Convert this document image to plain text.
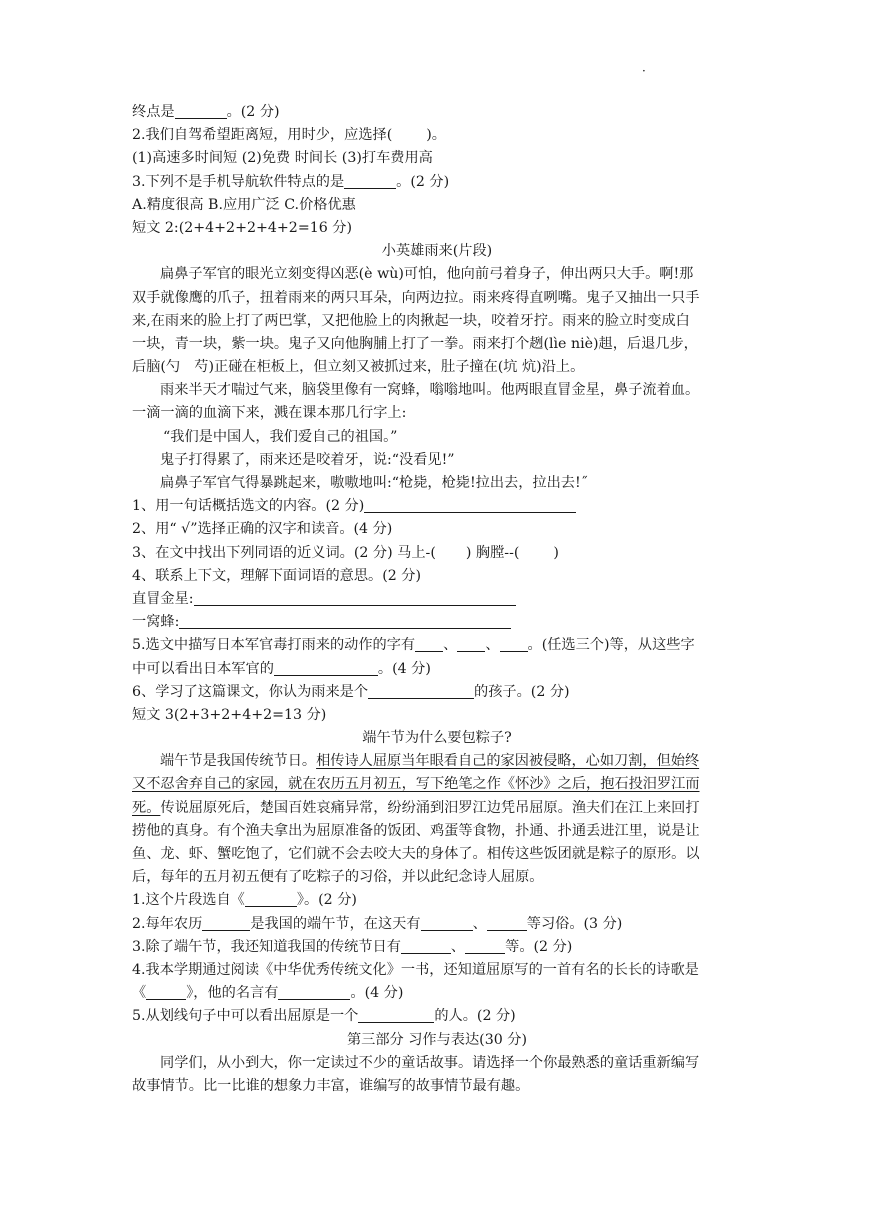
·
终点是	。(2 分)
2.我们自驾希望距离短，用时少，应选择( )。
(1)高速多时间短 (2)免费 时间长 (3)打车费用高
3.下列不是手机导航软件特点的是	。(2 分)
A.精度很高 B.应用广泛 C.价格优惠
短文 2:(2+4+2+2+4+2=16 分)
小英雄雨来(片段)
扁鼻子军官的眼光立刻变得凶恶(è wù)可怕，他向前弓着身子，伸出两只大手。啊!那
双手就像鹰的爪子，扭着雨来的两只耳朵，向两边拉。雨来疼得直咧嘴。鬼子又抽出一只手
来,在雨来的脸上打了两巴掌，又把他脸上的肉揪起一块，咬着牙拧。雨来的脸立时变成白
一块，青一块，紫一块。鬼子又向他胸脯上打了一拳。雨来打个趔(lìe niè)趄，后退几步，
后脑(勺　芍)正碰在柜板上，但立刻又被抓过来，肚子撞在(坑 炕)沿上。
雨来半天才喘过气来，脑袋里像有一窝蜂，嗡嗡地叫。他两眼直冒金星，鼻子流着血。
一滴一滴的血滴下来，溅在课本那几行字上:
“我们是中国人，我们爱自己的祖国。”
鬼子打得累了，雨来还是咬着牙，说:“没看见!”
扁鼻子军官气得暴跳起来，嗷嗷地叫:“枪毙，枪毙!拉出去，拉出去!˝
1、用一句话概括选文的内容。(2 分)
2、用“ √”选择正确的汉字和读音。(4 分)
3、在文中找出下列同语的近义词。(2 分) 马上-( ) 胸膛--( )
4、联系上下文，理解下面词语的意思。(2 分)
直冒金星:
一窝蜂:
5.选文中描写日本军官毒打雨来的动作的字有 、 、 。(任选三个)等，从这些字
中可以看出日本军官的	。(4 分)
6、学习了这篇课文，你认为雨来是个	的孩子。(2 分)
短文 3(2+3+2+4+2=13 分)
端午节为什么要包粽子?
端午节是我国传统节日。相传诗人屈原当年眼看自己的家因被侵略，心如刀割，但始终
又不忍舍弃自己的家园，就在农历五月初五，写下绝笔之作《怀沙》之后，抱石投汨罗江而
死。传说屈原死后，楚国百姓哀痛异常，纷纷涌到汨罗江边凭吊屈原。渔夫们在江上来回打
捞他的真身。有个渔夫拿出为屈原准备的饭团、鸡蛋等食物，扑通、扑通丢进江里，说是让
鱼、龙、虾、蟹吃饱了，它们就不会去咬大夫的身体了。相传这些饭团就是粽子的原形。以
后，每年的五月初五便有了吃粽子的习俗，并以此纪念诗人屈原。
1.这个片段选自《	》。(2 分)
2.每年农历	是我国的端午节，在这天有	、	等习俗。(3 分)
3.除了端午节，我还知道我国的传统节日有	、	等。(2 分)
4.我本学期通过阅读《中华优秀传统文化》一书，还知道屈原写的一首有名的长长的诗歌是
《	》，他的名言有	。(4 分)
5.从划线句子中可以看出屈原是一个	的人。(2 分)
第三部分 习作与表达(30 分)
同学们，从小到大，你一定读过不少的童话故事。请选择一个你最熟悉的童话重新编写
故事情节。比一比谁的想象力丰富，谁编写的故事情节最有趣。
